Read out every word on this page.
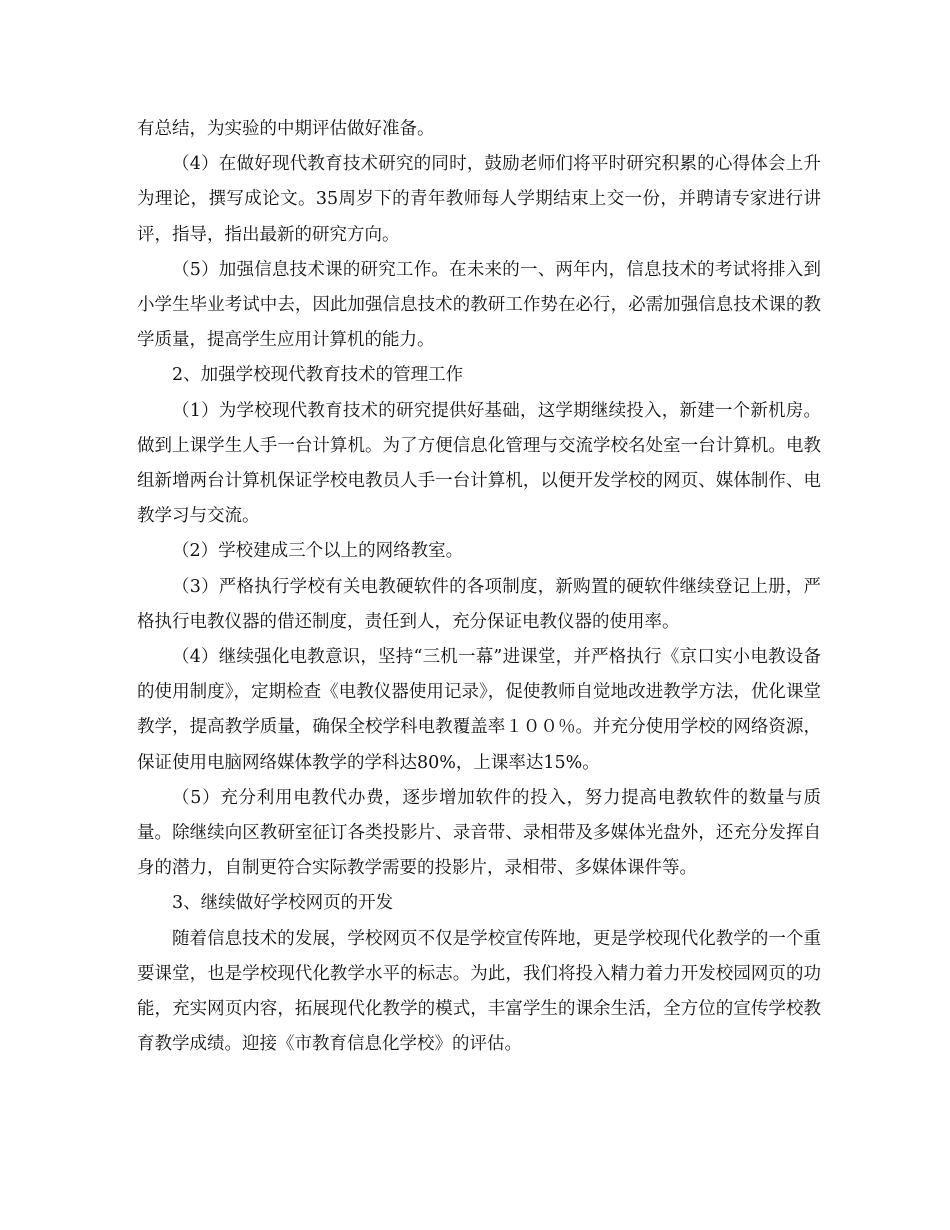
有总结，为实验的中期评估做好准备。

（4）在做好现代教育技术研究的同时，鼓励老师们将平时研究积累的心得体会上升为理论，撰写成论文。35周岁下的青年教师每人学期结束上交一份，并聘请专家进行讲评，指导，指出最新的研究方向。

（5）加强信息技术课的研究工作。在未来的一、两年内，信息技术的考试将排入到小学生毕业考试中去，因此加强信息技术的教研工作势在必行，必需加强信息技术课的教学质量，提高学生应用计算机的能力。

2、加强学校现代教育技术的管理工作

（1）为学校现代教育技术的研究提供好基础，这学期继续投入，新建一个新机房。做到上课学生人手一台计算机。为了方便信息化管理与交流学校名处室一台计算机。电教组新增两台计算机保证学校电教员人手一台计算机，以便开发学校的网页、媒体制作、电教学习与交流。

（2）学校建成三个以上的网络教室。

（3）严格执行学校有关电教硬软件的各项制度，新购置的硬软件继续登记上册，严格执行电教仪器的借还制度，责任到人，充分保证电教仪器的使用率。

（4）继续强化电教意识，坚持“三机一幕”进课堂，并严格执行《京口实小电教设备的使用制度》，定期检查《电教仪器使用记录》，促使教师自觉地改进教学方法，优化课堂教学，提高教学质量，确保全校学科电教覆盖率１００％。并充分使用学校的网络资源，保证使用电脑网络媒体教学的学科达80%，上课率达15%。

（5）充分利用电教代办费，逐步增加软件的投入，努力提高电教软件的数量与质量。除继续向区教研室征订各类投影片、录音带、录相带及多媒体光盘外，还充分发挥自身的潜力，自制更符合实际教学需要的投影片，录相带、多媒体课件等。

3、继续做好学校网页的开发

随着信息技术的发展，学校网页不仅是学校宣传阵地，更是学校现代化教学的一个重要课堂，也是学校现代化教学水平的标志。为此，我们将投入精力着力开发校园网页的功能，充实网页内容，拓展现代化教学的模式，丰富学生的课余生活，全方位的宣传学校教育教学成绩。迎接《市教育信息化学校》的评估。
